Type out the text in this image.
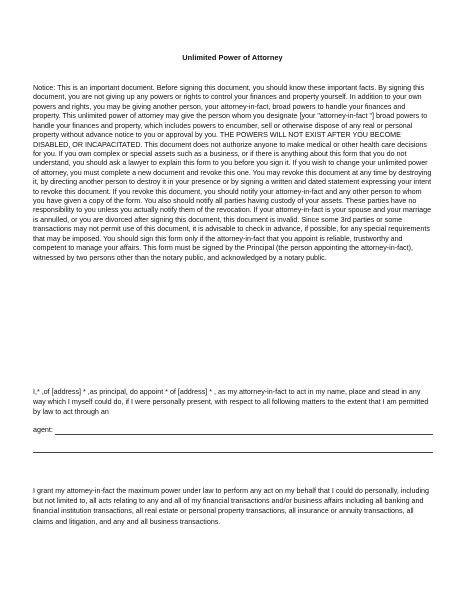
Unlimited Power of Attorney

Notice: This is an important document. Before signing this document, you should know these important facts. By signing this document, you are not giving up any powers or rights to control your finances and property yourself. In addition to your own powers and rights, you may be giving another person, your attorney-in-fact, broad powers to handle your finances and property. This unlimited power of attorney may give the person whom you designate [your "attorney-in-fact "] broad powers to handle your finances and property, which includes powers to encumber, sell or otherwise dispose of any real or personal property without advance notice to you or approval by you. THE POWERS WILL NOT EXIST AFTER YOU BECOME DISABLED, OR INCAPACITATED. This document does not authorize anyone to make medical or other health care decisions for you. If you own complex or special assets such as a business, or if there is anything about this form that you do not understand, you should ask a lawyer to explain this form to you before you sign it. If you wish to change your unlimited power of attorney, you must complete a new document and revoke this one. You may revoke this document at any time by destroying it, by directing another person to destroy it in your presence or by signing a written and dated statement expressing your intent to revoke this document. If you revoke this document, you should notify your attorney-in-fact and any other person to whom you have given a copy of the form. You also should notify all parties having custody of your assets. These parties have no responsibility to you unless you actually notify them of the revocation. If your attorney-in-fact is your spouse and your marriage is annulled, or you are divorced after signing this document, this document is invalid. Since some 3rd parties or some transactions may not permit use of this document, it is advisable to check in advance, if possible, for any special requirements that may be imposed. You should sign this form only if the attorney-in-fact that you appoint is reliable, trustworthy and competent to manage your affairs. This form must be signed by the Principal (the person appointing the attorney-in-fact), witnessed by two persons other than the notary public, and acknowledged by a notary public.

I,* ,of [address] * ,as principal, do appoint * of [address] * , as my attorney-in-fact to act in my name, place and stead in any way which I myself could do, if I were personally present, with respect to all following matters to the extent that I am permitted by law to act through an

agent:

I grant my attorney-in-fact the maximum power under law to perform any act on my behalf that I could do personally, including but not limited to, all acts relating to any and all of my financial transactions and/or business affairs including all banking and financial institution transactions, all real estate or personal property transactions, all insurance or annuity transactions, all claims and litigation, and any and all business transactions.
